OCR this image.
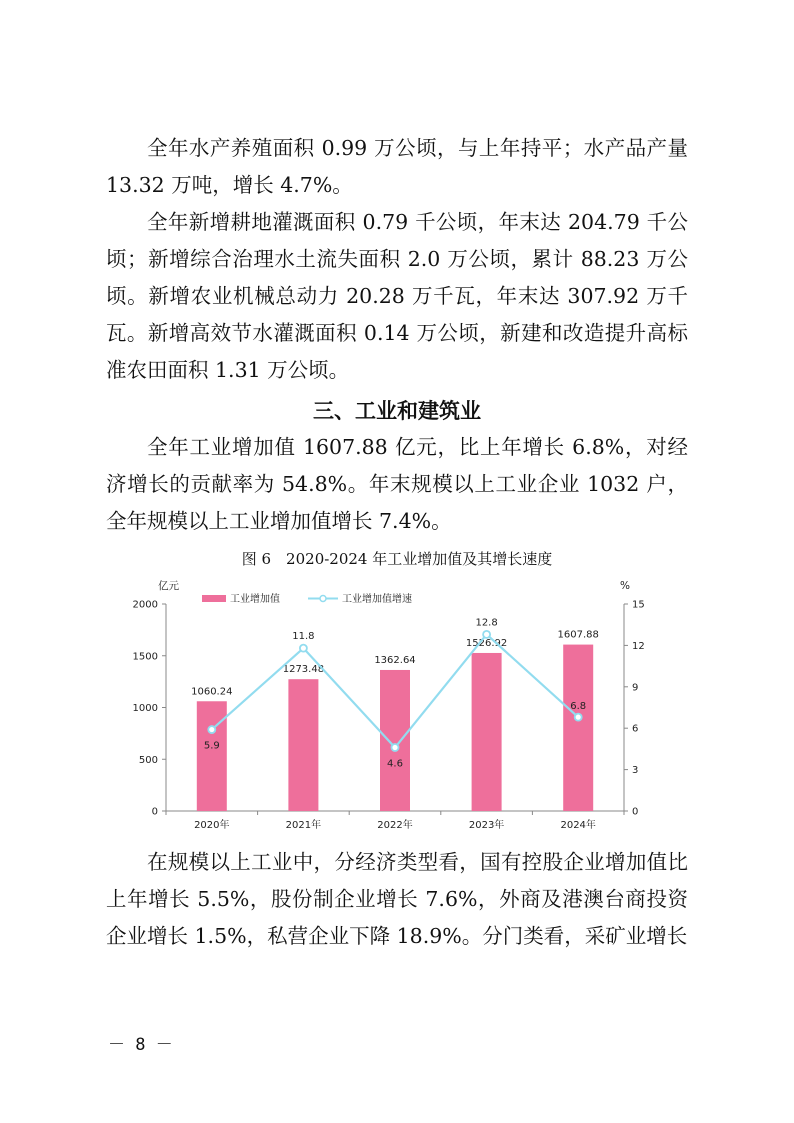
全年水产养殖面积 0.99 万公顷，与上年持平；水产品产量 13.32 万吨，增长 4.7%。

全年新增耕地灌溉面积 0.79 千公顷，年末达 204.79 千公顷；新增综合治理水土流失面积 2.0 万公顷，累计 88.23 万公顷。新增农业机械总动力 20.28 万千瓦，年末达 307.92 万千瓦。新增高效节水灌溉面积 0.14 万公顷，新建和改造提升高标准农田面积 1.31 万公顷。

三、工业和建筑业

全年工业增加值 1607.88 亿元，比上年增长 6.8%，对经济增长的贡献率为 54.8%。年末规模以上工业企业 1032 户，全年规模以上工业增加值增长 7.4%。

图 6　2020-2024 年工业增加值及其增长速度
工业增加值	工业增加值增速
亿元	%
0
500
1000
1500
2000
0
3
6
9
12
15
2020年	2021年	2022年	2023年	2024年
1060.24
1273.48
1362.64
1526.92
1607.88
5.9
11.8
4.6
12.8
6.8

在规模以上工业中，分经济类型看，国有控股企业增加值比上年增长 5.5%，股份制企业增长 7.6%，外商及港澳台商投资企业增长 1.5%，私营企业下降 18.9%。分门类看，采矿业增长

－ 8 －
